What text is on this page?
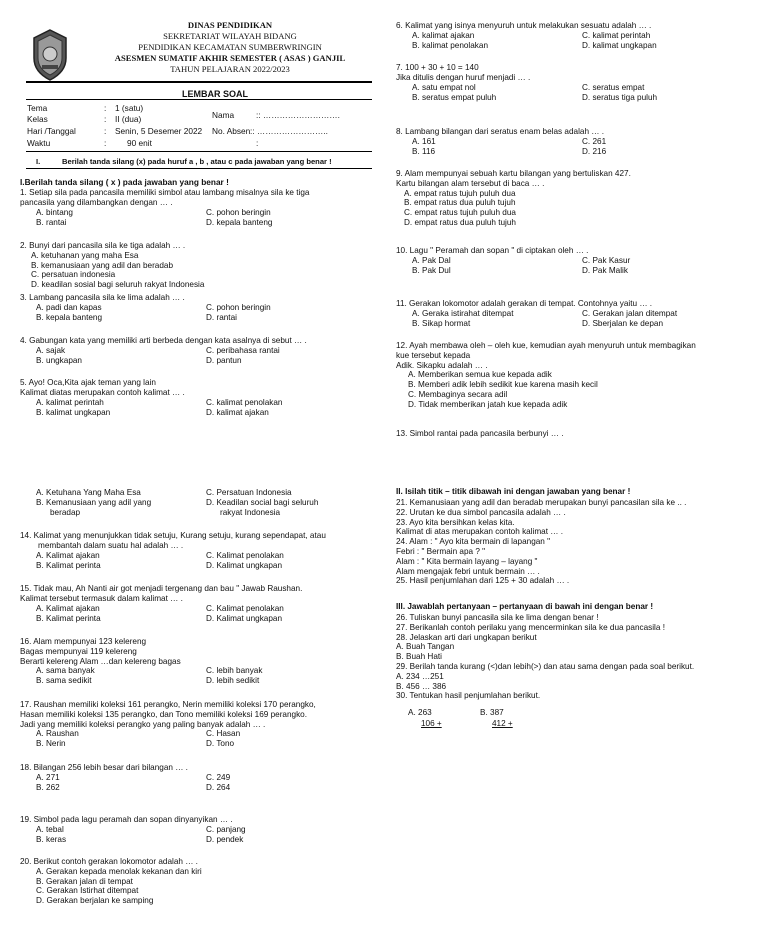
DINAS PENDIDIKAN
SEKRETARIAT WILAYAH BIDANG
PENDIDIKAN KECAMATAN SUMBERWRINGIN
ASESMEN SUMATIF AKHIR SEMESTER ( ASAS ) GANJIL
TAHUN PELAJARAN 2022/2023
LEMBAR SOAL
Tema	: 1 (satu)
Kelas	: II (dua)
Hari /Tanggal	: Senin, 5 Desemer 2022
Waktu	: 90 enit
Nama	:: ……………………….
No. Absen :: ……………………..
:
I.	Berilah tanda silang (x) pada huruf a , b , atau c pada jawaban yang benar !
I.Berilah tanda silang ( x ) pada jawaban yang benar !
1. Setiap sila pada pancasila memiliki simbol atau lambang misalnya sila ke tiga
pancasila yang dilambangkan dengan … .
A. bintang	C. pohon beringin
B. rantai	D. kepala banteng
2. Bunyi dari pancasila sila ke tiga adalah … .
A. ketuhanan yang maha Esa
B. kemanusiaan yang adil dan beradab
C. persatuan indonesia
D. keadilan sosial bagi seluruh rakyat Indonesia
3. Lambang pancasila sila ke lima adalah … .
A. padi dan kapas	C. pohon beringin
B. kepala banteng	D. rantai
4. Gabungan kata yang memiliki arti berbeda dengan kata asalnya di sebut … .
A. sajak	C. peribahasa rantai
B. ungkapan	D. pantun
5. Ayo! Oca,Kita ajak teman yang lain
Kalimat diatas merupakan contoh kalimat … .
A. kalimat perintah	C. kalimat penolakan
B. kalimat ungkapan	D. kalimat ajakan
A. Ketuhana Yang Maha Esa	C. Persatuan Indonesia
B. Kemanusiaan yang adil yang	D. Keadilan social bagi seluruh
beradap	rakyat Indonesia
14. Kalimat yang menunjukkan tidak setuju, Kurang setuju, kurang sependapat, atau
membantah dalam suatu hal adalah … .
A. Kalimat ajakan	C. Kalimat penolakan
B. Kalimat perinta	D. Kalimat ungkapan
15. Tidak mau, Ah Nanti air got menjadi tergenang dan bau " Jawab Raushan.
Kalimat tersebut termasuk dalam kalimat … .
A. Kalimat ajakan	C. Kalimat penolakan
B. Kalimat perinta	D. Kalimat ungkapan
16. Alam mempunyai 123 kelereng
Bagas mempunyai 119 kelereng
Berarti kelereng Alam …dan kelereng bagas
A. sama banyak	C. lebih banyak
B. sama sedikit	D. lebih sedikit
17. Raushan memiliki koleksi 161 perangko, Nerin memiliki koleksi 170 perangko,
Hasan memiliki koleksi 135 perangko, dan Tono memiliki koleksi 169 perangko.
Jadi yang memiliki koleksi perangko yang paling banyak adalah … .
A. Raushan	C. Hasan
B. Nerin	D. Tono
18. Bilangan 256 lebih besar dari bilangan … .
A. 271	C. 249
B. 262	D. 264
19. Simbol pada lagu peramah dan sopan dinyanyikan … .
A. tebal	C. panjang
B. keras	D. pendek
20. Berikut contoh gerakan lokomotor adalah … .
A. Gerakan kepada menolak kekanan dan kiri
B. Gerakan jalan di tempat
C. Gerakan Istirhat ditempat
D. Gerakan berjalan ke samping
6. Kalimat yang isinya menyuruh untuk melakukan sesuatu adalah … .
A. kalimat ajakan	C. kalimat perintah
B. kalimat penolakan	D. kalimat ungkapan
7. 100 + 30 + 10 = 140
Jika ditulis dengan huruf menjadi … .
A. satu empat nol	C. seratus empat
B. seratus empat puluh	D. seratus tiga puluh
8. Lambang bilangan dari seratus enam belas adalah … .
A. 161	C. 261
B. 116	D. 216
9. Alam mempunyai sebuah kartu bilangan yang bertuliskan 427.
Kartu bilangan alam tersebut di baca … .
A. empat ratus tujuh puluh dua
B. empat ratus dua puluh tujuh
C. empat ratus tujuh puluh dua
D. empat ratus dua puluh tujuh
10. Lagu " Peramah dan sopan " di ciptakan oleh … .
A. Pak Dal	C. Pak Kasur
B. Pak Dul	D. Pak Malik
11. Gerakan lokomotor adalah gerakan di tempat. Contohnya yaitu … .
A. Geraka istirahat ditempat	C. Gerakan jalan ditempat
B. Sikap hormat	D. Sberjalan ke depan
12. Ayah membawa oleh – oleh kue, kemudian ayah menyuruh untuk membagikan
kue tersebut kepada
Adik. Sikapku adalah … .
A. Memberikan semua kue kepada adik
B. Memberi adik lebih sedikit kue karena masih kecil
C. Membaginya secara adil
D. Tidak memberikan jatah kue kepada adik
13. Simbol rantai pada pancasila berbunyi … .
II. Isilah titik – titik dibawah ini dengan jawaban yang benar !
21. Kemanusiaan yang adil dan beradab merupakan bunyi pancasilan sila ke .. .
22. Urutan ke dua simbol pancasila adalah … .
23. Ayo kita bersihkan kelas kita.
Kalimat di atas merupakan contoh kalimat … .
24. Alam : " Ayo kita bermain di lapangan "
Febri : " Bermain apa ? "
Alam : " Kita bermain layang – layang "
Alam mengajak febri untuk bermain … .
25. Hasil penjumlahan dari 125 + 30 adalah … .
III. Jawablah pertanyaan – pertanyaan di bawah ini dengan benar !
26. Tuliskan bunyi pancasila sila ke lima dengan benar !
27. Berikanlah contoh perilaku yang mencerminkan sila ke dua pancasila !
28. Jelaskan arti dari ungkapan berikut
A. Buah Tangan
B. Buah Hati
29. Berilah tanda kurang (<)dan lebih(>) dan atau sama dengan pada soal berikut.
A. 234 …251
B. 456 … 386
30. Tentukan hasil penjumlahan berikut.
A. 263	B. 387
106 +	412 +
